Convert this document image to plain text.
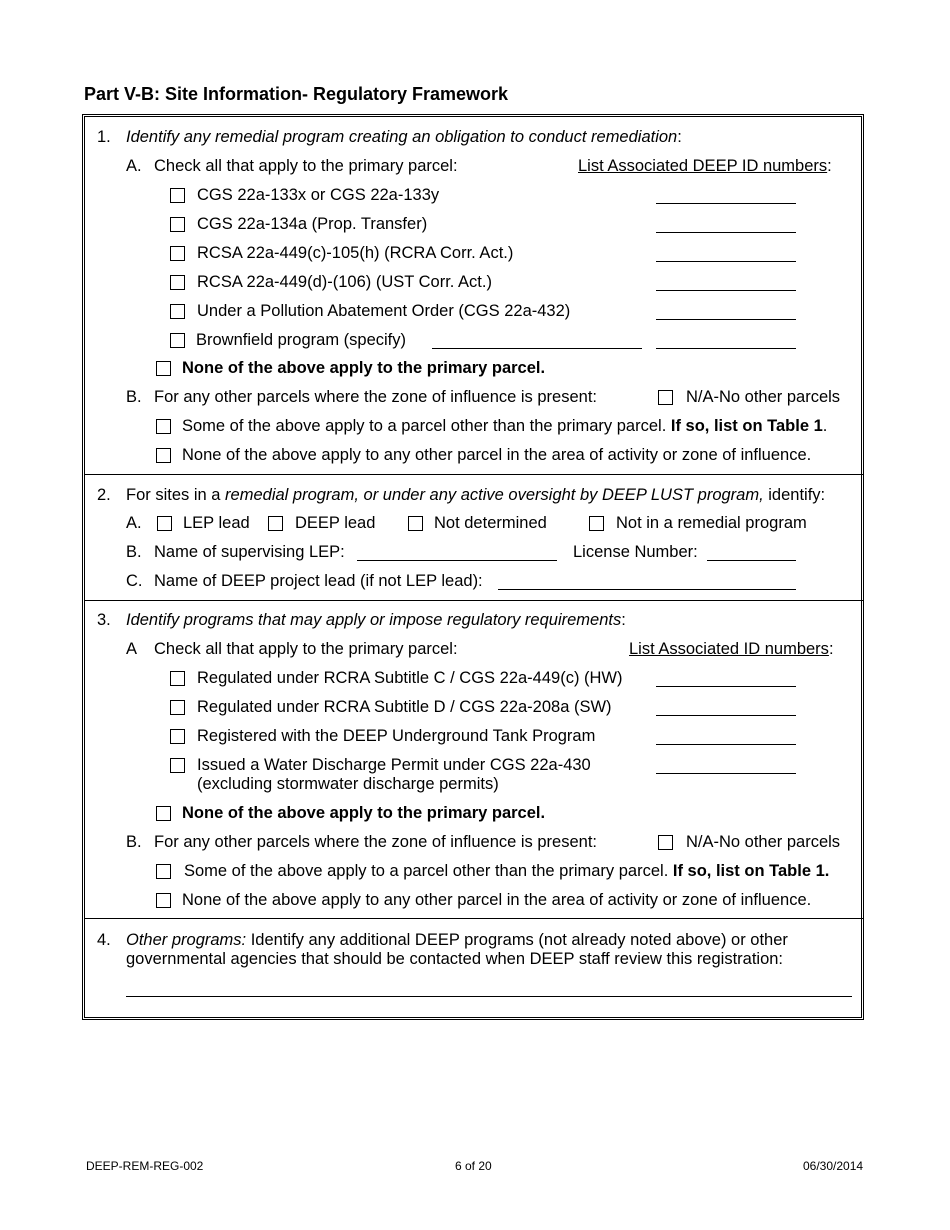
Part V-B: Site Information- Regulatory Framework
1. Identify any remedial program creating an obligation to conduct remediation:
A. Check all that apply to the primary parcel:	List Associated DEEP ID numbers:
CGS 22a-133x or CGS 22a-133y
CGS 22a-134a (Prop. Transfer)
RCSA 22a-449(c)-105(h) (RCRA Corr. Act.)
RCSA 22a-449(d)-(106) (UST Corr. Act.)
Under a Pollution Abatement Order (CGS 22a-432)
Brownfield program (specify)
None of the above apply to the primary parcel.
B. For any other parcels where the zone of influence is present:	N/A-No other parcels
Some of the above apply to a parcel other than the primary parcel. If so, list on Table 1.
None of the above apply to any other parcel in the area of activity or zone of influence.
2. For sites in a remedial program, or under any active oversight by DEEP LUST program, identify:
A.	LEP lead	DEEP lead	Not determined	Not in a remedial program
B. Name of supervising LEP:	License Number:
C. Name of DEEP project lead (if not LEP lead):
3. Identify programs that may apply or impose regulatory requirements:
A Check all that apply to the primary parcel:	List Associated ID numbers:
Regulated under RCRA Subtitle C / CGS 22a-449(c) (HW)
Regulated under RCRA Subtitle D / CGS 22a-208a (SW)
Registered with the DEEP Underground Tank Program
Issued a Water Discharge Permit under CGS 22a-430
(excluding stormwater discharge permits)
None of the above apply to the primary parcel.
B. For any other parcels where the zone of influence is present:	N/A-No other parcels
Some of the above apply to a parcel other than the primary parcel. If so, list on Table 1.
None of the above apply to any other parcel in the area of activity or zone of influence.
4. Other programs: Identify any additional DEEP programs (not already noted above) or other
governmental agencies that should be contacted when DEEP staff review this registration:
DEEP-REM-REG-002	6 of 20	06/30/2014
